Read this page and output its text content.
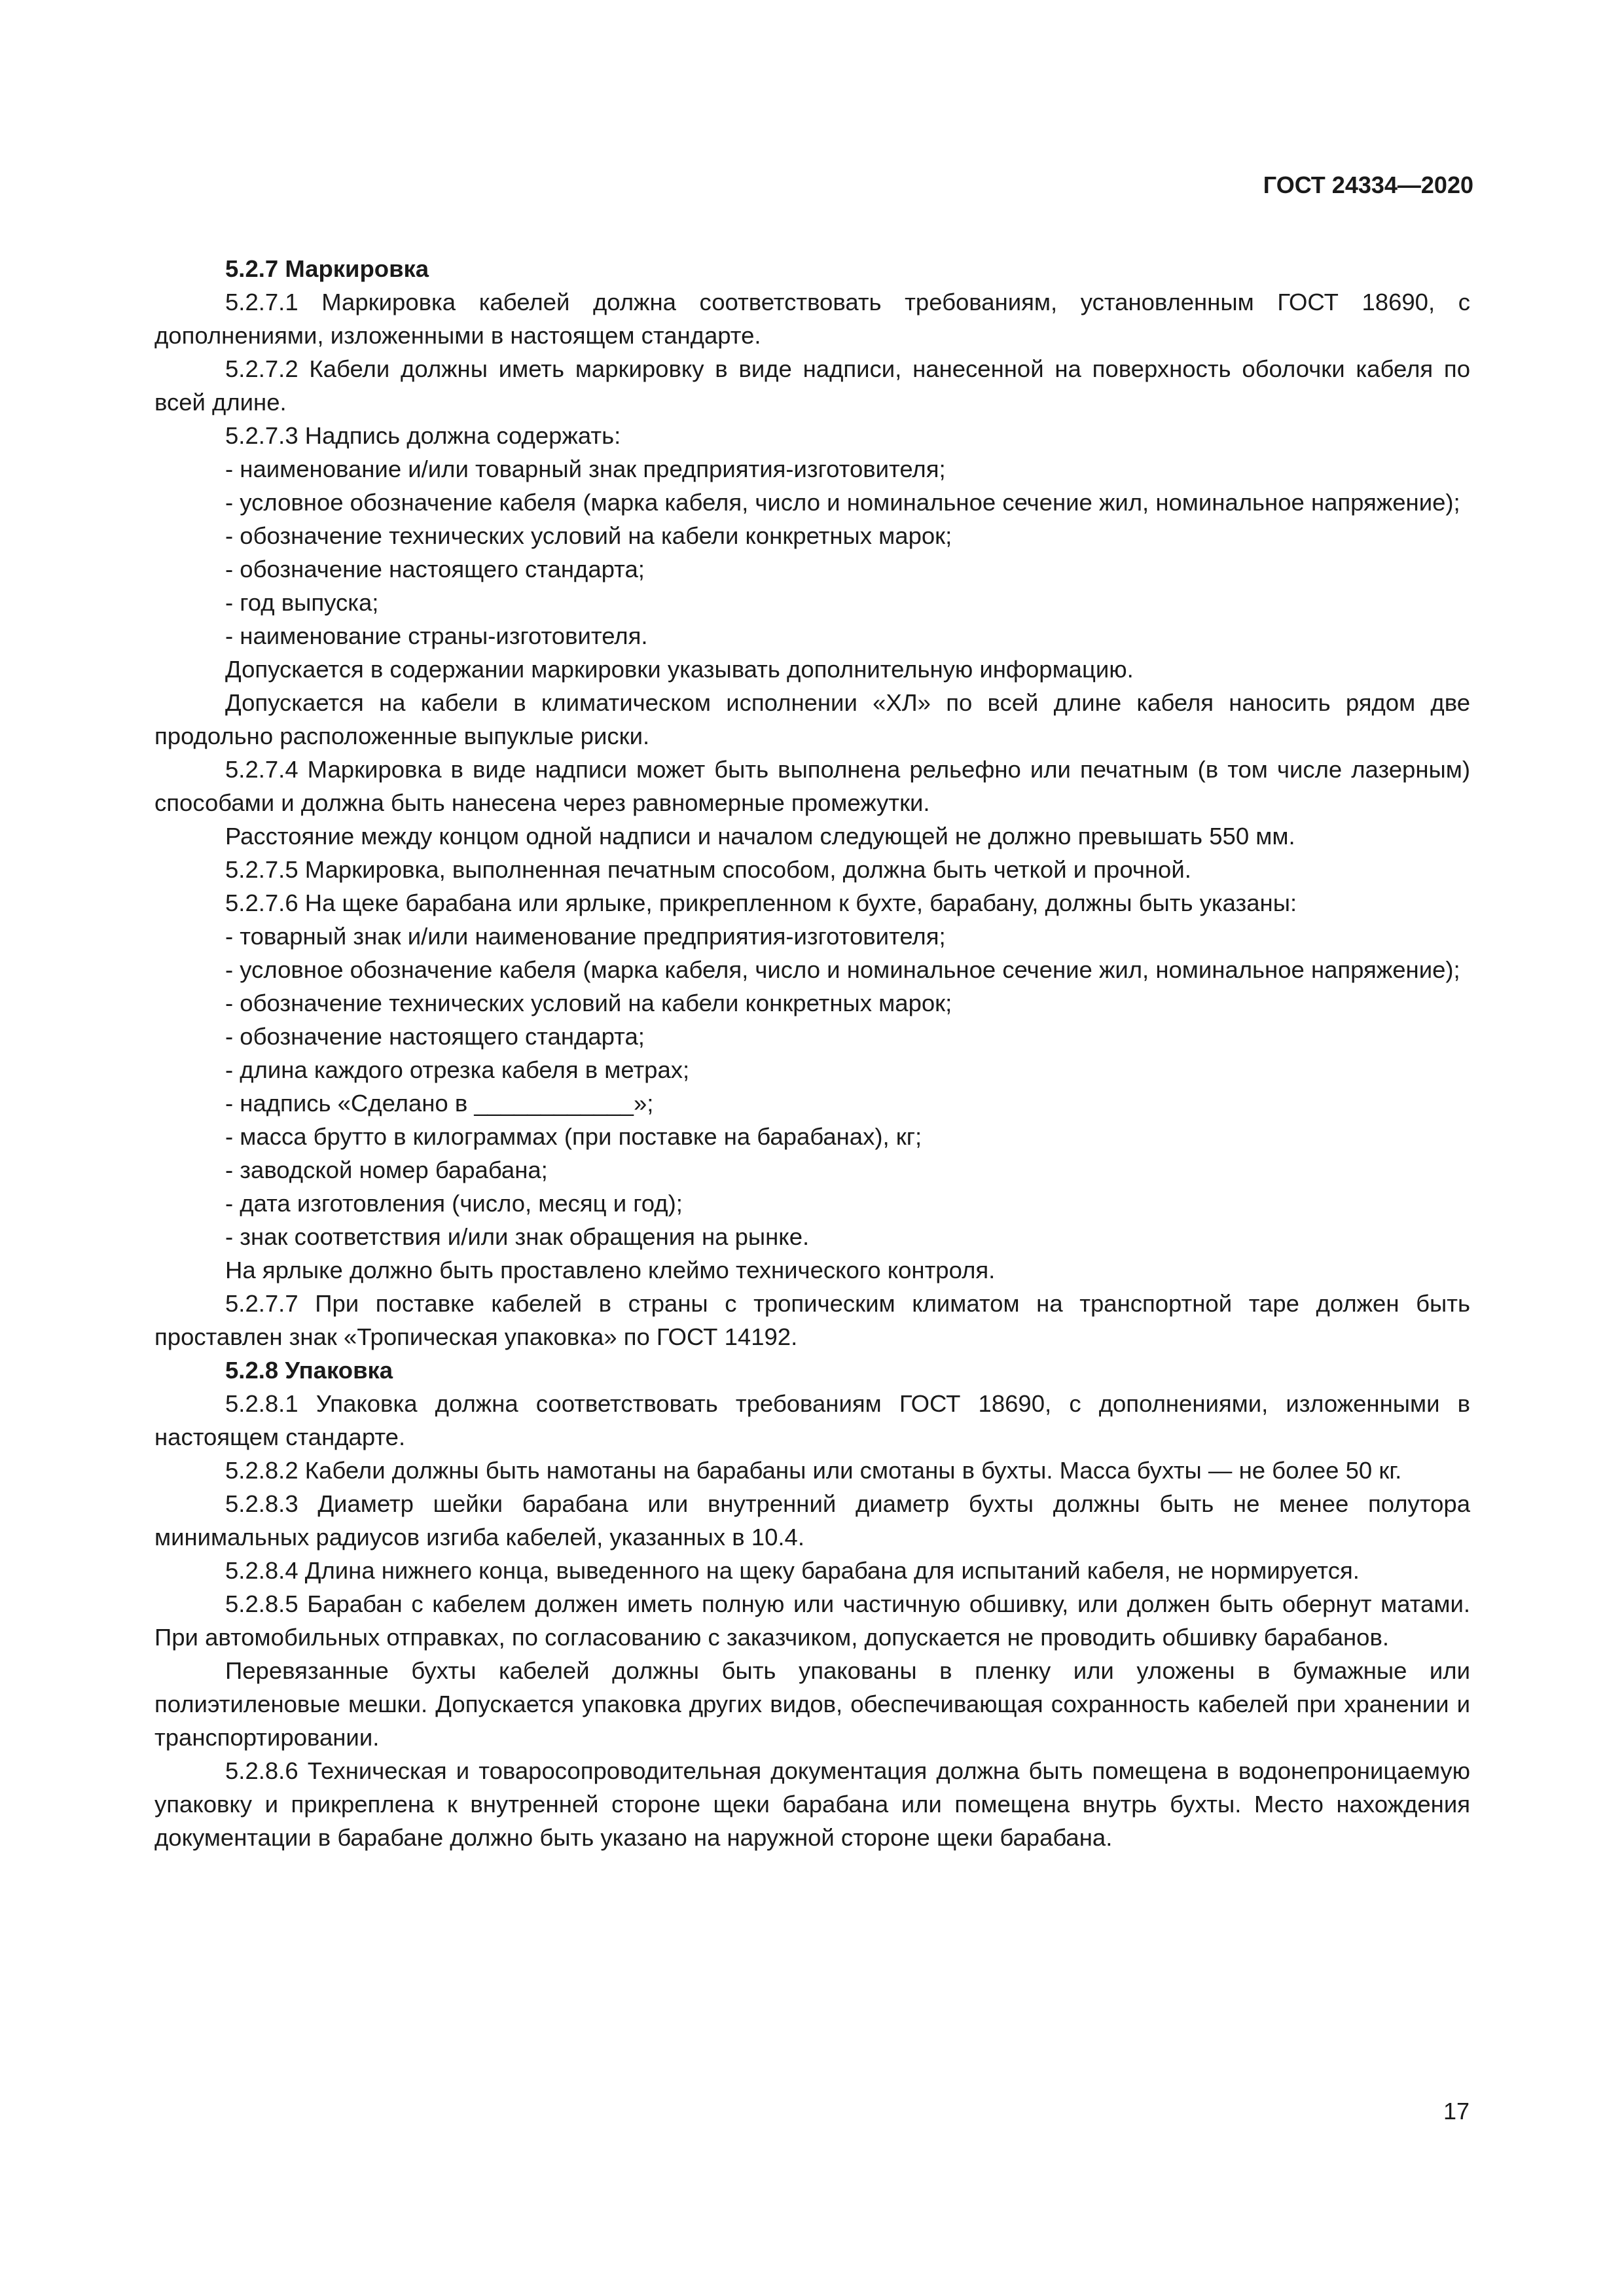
ГОСТ 24334—2020

5.2.7 Маркировка

5.2.7.1 Маркировка кабелей должна соответствовать требованиям, установленным ГОСТ 18690, с дополнениями, изложенными в настоящем стандарте.

5.2.7.2 Кабели должны иметь маркировку в виде надписи, нанесенной на поверхность оболочки кабеля по всей длине.

5.2.7.3 Надпись должна содержать:

- наименование и/или товарный знак предприятия-изготовителя;

- условное обозначение кабеля (марка кабеля, число и номинальное сечение жил, номинальное напряжение);

- обозначение технических условий на кабели конкретных марок;

- обозначение настоящего стандарта;

- год выпуска;

- наименование страны-изготовителя.

Допускается в содержании маркировки указывать дополнительную информацию.

Допускается на кабели в климатическом исполнении «ХЛ» по всей длине кабеля наносить рядом две продольно расположенные выпуклые риски.

5.2.7.4 Маркировка в виде надписи может быть выполнена рельефно или печатным (в том числе лазерным) способами и должна быть нанесена через равномерные промежутки.

Расстояние между концом одной надписи и началом следующей не должно превышать 550 мм.

5.2.7.5 Маркировка, выполненная печатным способом, должна быть четкой и прочной.

5.2.7.6 На щеке барабана или ярлыке, прикрепленном к бухте, барабану, должны быть указаны:

- товарный знак и/или наименование предприятия-изготовителя;

- условное обозначение кабеля (марка кабеля, число и номинальное сечение жил, номинальное напряжение);

- обозначение технических условий на кабели конкретных марок;

- обозначение настоящего стандарта;

- длина каждого отрезка кабеля в метрах;

- надпись «Сделано в ____________»;

- масса брутто в килограммах (при поставке на барабанах), кг;

- заводской номер барабана;

- дата изготовления (число, месяц и год);

- знак соответствия и/или знак обращения на рынке.

На ярлыке должно быть проставлено клеймо технического контроля.

5.2.7.7 При поставке кабелей в страны с тропическим климатом на транспортной таре должен быть проставлен знак «Тропическая упаковка» по ГОСТ 14192.

5.2.8 Упаковка

5.2.8.1 Упаковка должна соответствовать требованиям ГОСТ 18690, с дополнениями, изложенными в настоящем стандарте.

5.2.8.2 Кабели должны быть намотаны на барабаны или смотаны в бухты. Масса бухты — не более 50 кг.

5.2.8.3 Диаметр шейки барабана или внутренний диаметр бухты должны быть не менее полутора минимальных радиусов изгиба кабелей, указанных в 10.4.

5.2.8.4 Длина нижнего конца, выведенного на щеку барабана для испытаний кабеля, не нормируется.

5.2.8.5 Барабан с кабелем должен иметь полную или частичную обшивку, или должен быть обернут матами. При автомобильных отправках, по согласованию с заказчиком, допускается не проводить обшивку барабанов.

Перевязанные бухты кабелей должны быть упакованы в пленку или уложены в бумажные или полиэтиленовые мешки. Допускается упаковка других видов, обеспечивающая сохранность кабелей при хранении и транспортировании.

5.2.8.6 Техническая и товаросопроводительная документация должна быть помещена в водонепроницаемую упаковку и прикреплена к внутренней стороне щеки барабана или помещена внутрь бухты. Место нахождения документации в барабане должно быть указано на наружной стороне щеки барабана.

17
